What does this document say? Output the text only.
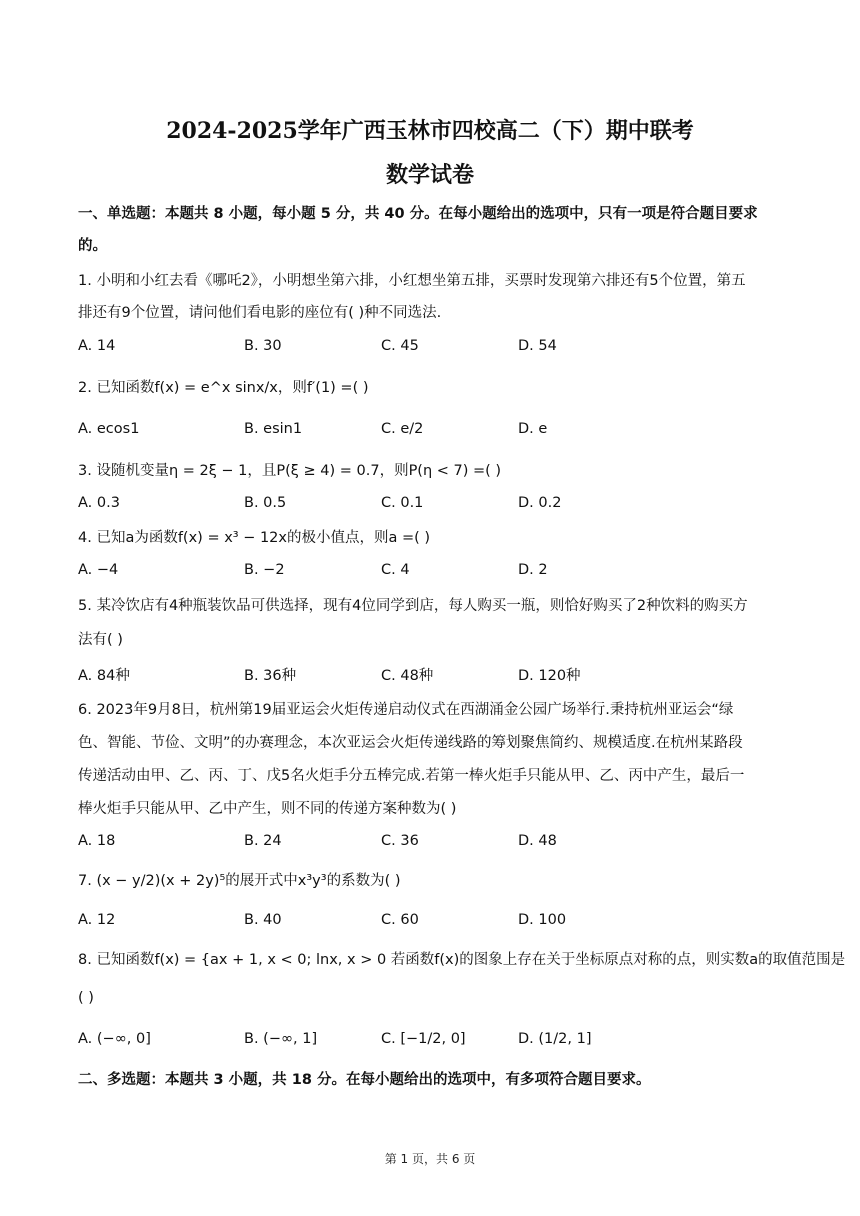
2024-2025学年广西玉林市四校高二（下）期中联考
数学试卷
一、单选题：本题共 8 小题，每小题 5 分，共 40 分。在每小题给出的选项中，只有一项是符合题目要求
的。
1. 小明和小红去看《哪吒2》，小明想坐第六排，小红想坐第五排，买票时发现第六排还有5个位置，第五
排还有9个位置，请问他们看电影的座位有( )种不同选法.
A. 14	B. 30	C. 45	D. 54
2. 已知函数f(x) = e^x sinx/x，则f′(1) =( )
A. ecos1	B. esin1	C. e/2	D. e
3. 设随机变量η = 2ξ − 1，且P(ξ ≥ 4) = 0.7，则P(η < 7) =( )
A. 0.3	B. 0.5	C. 0.1	D. 0.2
4. 已知a为函数f(x) = x³ − 12x的极小值点，则a =( )
A. −4	B. −2	C. 4	D. 2
5. 某冷饮店有4种瓶装饮品可供选择，现有4位同学到店，每人购买一瓶，则恰好购买了2种饮料的购买方
法有( )
A. 84种	B. 36种	C. 48种	D. 120种
6. 2023年9月8日，杭州第19届亚运会火炬传递启动仪式在西湖涌金公园广场举行.秉持杭州亚运会“绿
色、智能、节俭、文明”的办赛理念，本次亚运会火炬传递线路的筹划聚焦简约、规模适度.在杭州某路段
传递活动由甲、乙、丙、丁、戊5名火炬手分五棒完成.若第一棒火炬手只能从甲、乙、丙中产生，最后一
棒火炬手只能从甲、乙中产生，则不同的传递方案种数为( )
A. 18	B. 24	C. 36	D. 48
7. (x − y/2)(x + 2y)⁵的展开式中x³y³的系数为( )
A. 12	B. 40	C. 60	D. 100
8. 已知函数f(x) = {ax + 1, x < 0; lnx, x > 0 若函数f(x)的图象上存在关于坐标原点对称的点，则实数a的取值范围是
( )
A. (−∞, 0]	B. (−∞, 1]	C. [−1/2, 0]	D. (1/2, 1]
二、多选题：本题共 3 小题，共 18 分。在每小题给出的选项中，有多项符合题目要求。
第 1 页，共 6 页
